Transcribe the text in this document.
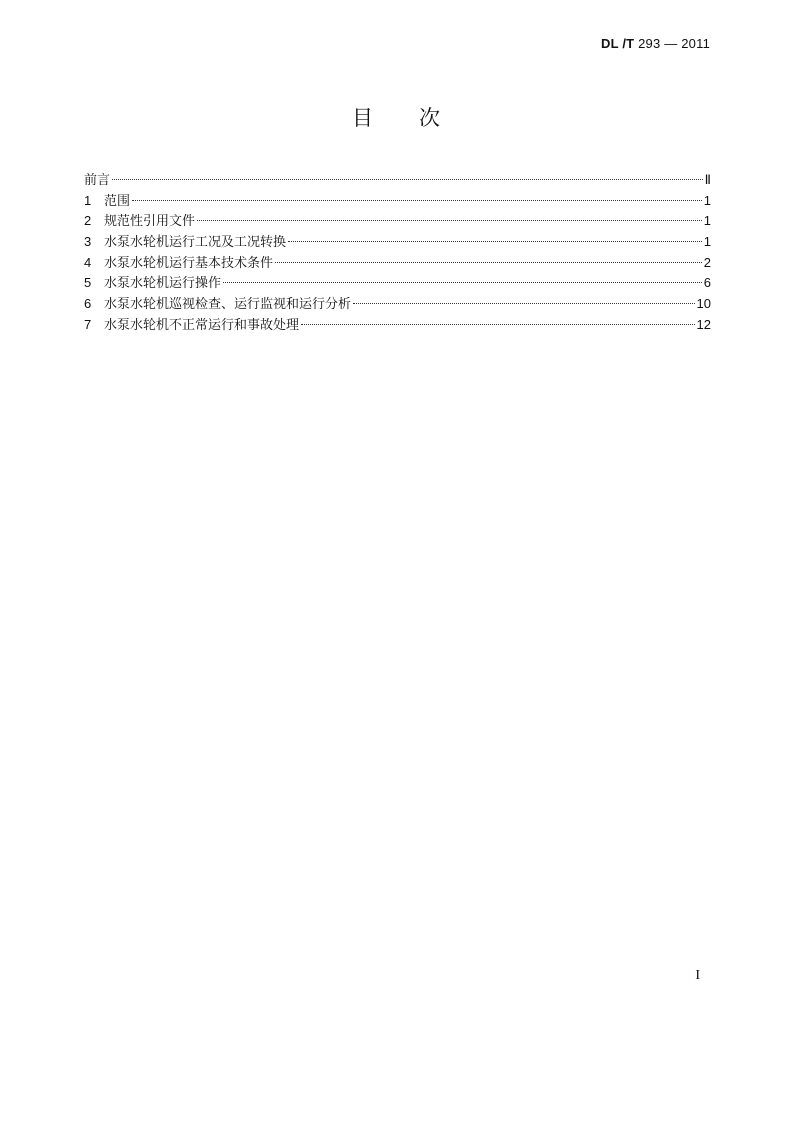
DL /T 293 — 2011
目 次
前言	Ⅱ
1 范围	1
2 规范性引用文件	1
3 水泵水轮机运行工况及工况转换	1
4 水泵水轮机运行基本技术条件	2
5 水泵水轮机运行操作	6
6 水泵水轮机巡视检查、运行监视和运行分析	10
7 水泵水轮机不正常运行和事故处理	12
I
